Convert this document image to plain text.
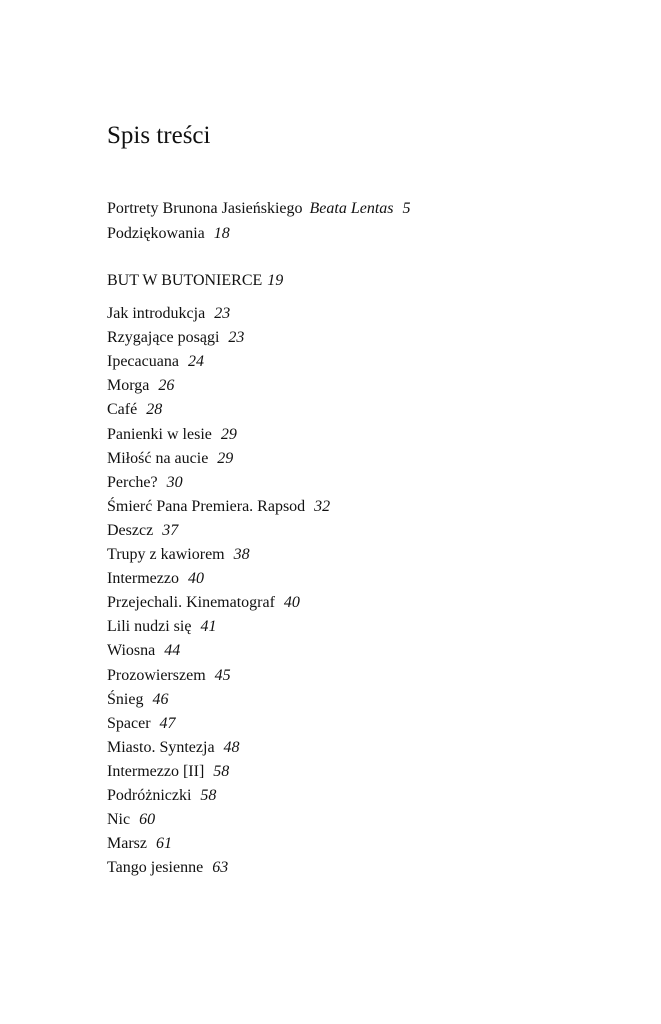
Spis treści
Portrety Brunona Jasieńskiego Beata Lentas 5
Podziękowania 18
BUT W BUTONIERCE 19
Jak introdukcja 23
Rzygające posągi 23
Ipecacuana 24
Morga 26
Café 28
Panienki w lesie 29
Miłość na aucie 29
Perche? 30
Śmierć Pana Premiera. Rapsod 32
Deszcz 37
Trupy z kawiorem 38
Intermezzo 40
Przejechali. Kinematograf 40
Lili nudzi się 41
Wiosna 44
Prozowierszem 45
Śnieg 46
Spacer 47
Miasto. Syntezja 48
Intermezzo [II] 58
Podróżniczki 58
Nic 60
Marsz 61
Tango jesienne 63
